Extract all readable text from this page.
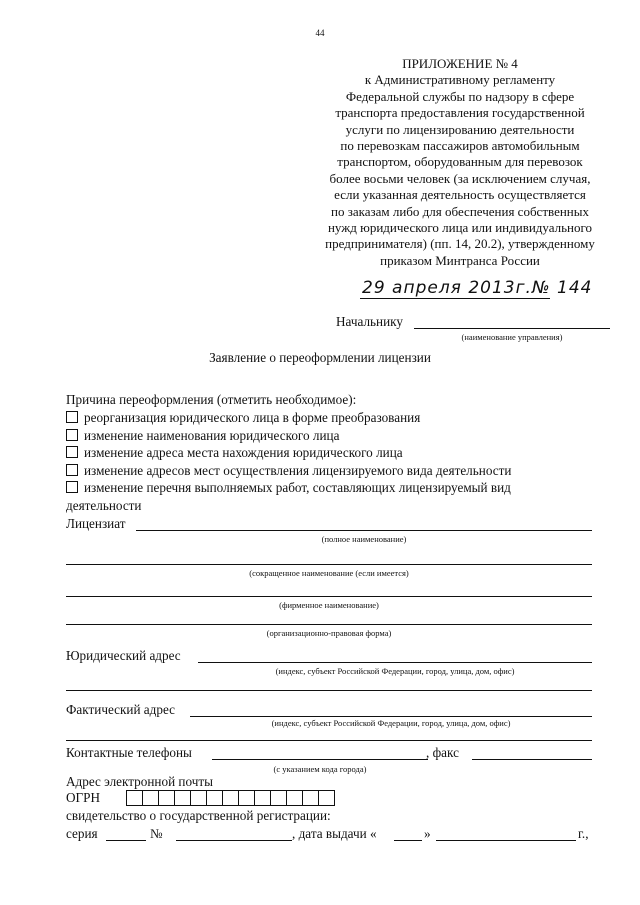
44
ПРИЛОЖЕНИЕ № 4
к Административному регламенту
Федеральной службы по надзору в сфере
транспорта предоставления государственной
услуги по лицензированию деятельности
по перевозкам пассажиров автомобильным
транспортом, оборудованным для перевозок
более восьми человек (за исключением случая,
если указанная деятельность осуществляется
по заказам либо для обеспечения собственных
нужд юридического лица или индивидуального
предпринимателя) (пп. 14, 20.2), утвержденному
приказом Минтранса России
29 апреля 2013г.№ 144
Начальнику
(наименование управления)
Заявление о переоформлении лицензии
Причина переоформления (отметить необходимое):
реорганизация юридического лица в форме преобразования
изменение наименования юридического лица
изменение адреса места нахождения юридического лица
изменение адресов мест осуществления лицензируемого вида деятельности
изменение перечня выполняемых работ, составляющих лицензируемый вид
деятельности
Лицензиат
(полное наименование)
(сокращенное наименование (если имеется)
(фирменное наименование)
(организационно-правовая форма)
Юридический адрес
(индекс, субъект Российской Федерации, город, улица, дом, офис)
Фактический адрес
(индекс, субъект Российской Федерации, город, улица, дом, офис)
Контактные телефоны	, факс
(с указанием кода города)
Адрес электронной почты
ОГРН
свидетельство о государственной регистрации:
серия	№	, дата выдачи «	»	г.,
